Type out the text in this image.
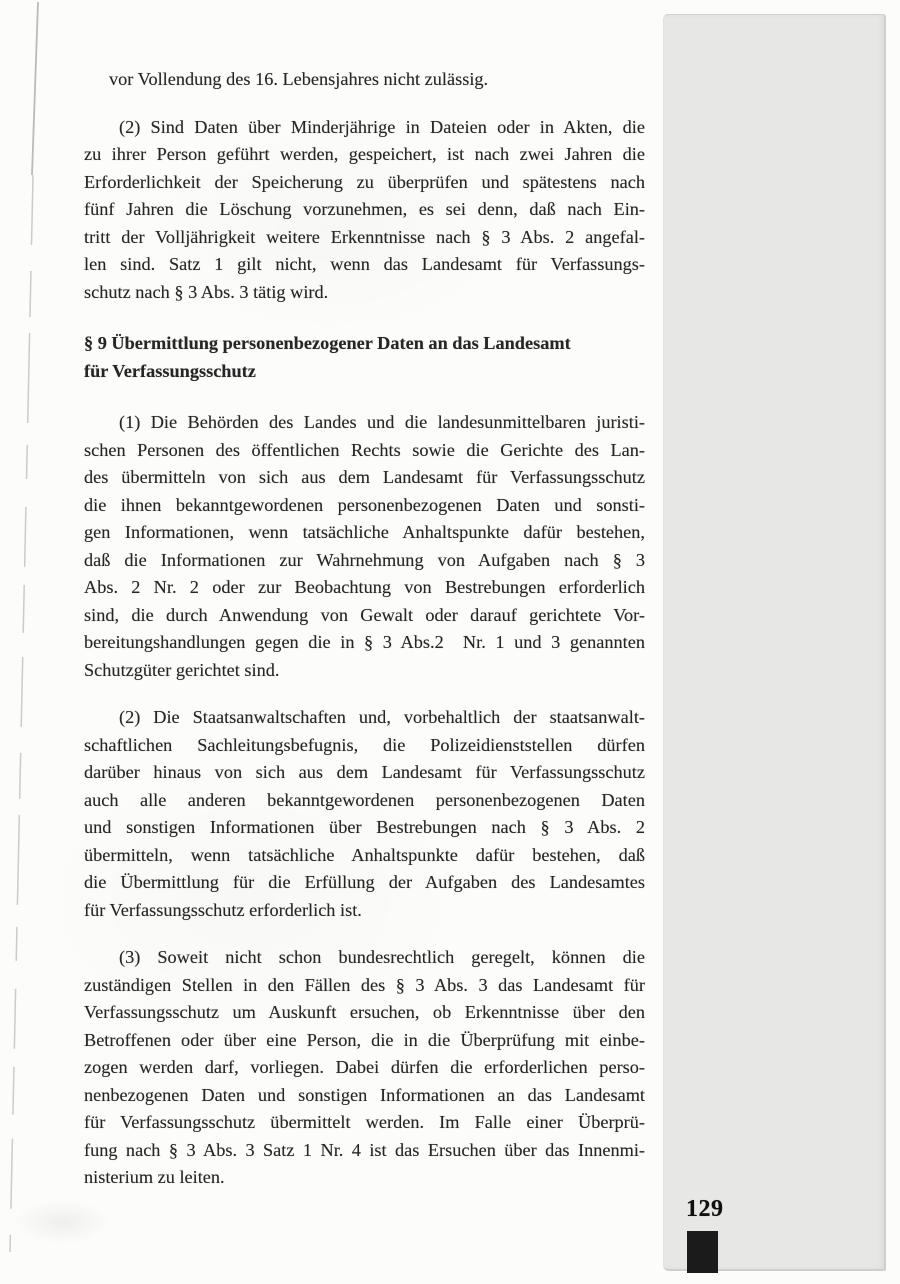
vor Vollendung des 16. Lebensjahres nicht zulässig.
(2) Sind Daten über Minderjährige in Dateien oder in Akten, die
zu ihrer Person geführt werden, gespeichert, ist nach zwei Jahren die
Erforderlichkeit der Speicherung zu überprüfen und spätestens nach
fünf Jahren die Löschung vorzunehmen, es sei denn, daß nach Ein-
tritt der Volljährigkeit weitere Erkenntnisse nach § 3 Abs. 2 angefal-
len sind. Satz 1 gilt nicht, wenn das Landesamt für Verfassungs-
schutz nach § 3 Abs. 3 tätig wird.
§ 9 Übermittlung personenbezogener Daten an das Landesamt
für Verfassungsschutz
(1) Die Behörden des Landes und die landesunmittelbaren juristi-
schen Personen des öffentlichen Rechts sowie die Gerichte des Lan-
des übermitteln von sich aus dem Landesamt für Verfassungsschutz
die ihnen bekanntgewordenen personenbezogenen Daten und sonsti-
gen Informationen, wenn tatsächliche Anhaltspunkte dafür bestehen,
daß die Informationen zur Wahrnehmung von Aufgaben nach § 3
Abs. 2 Nr. 2 oder zur Beobachtung von Bestrebungen erforderlich
sind, die durch Anwendung von Gewalt oder darauf gerichtete Vor-
bereitungshandlungen gegen die in § 3 Abs.2  Nr. 1 und 3 genannten
Schutzgüter gerichtet sind.
(2) Die Staatsanwaltschaften und, vorbehaltlich der staatsanwalt-
schaftlichen Sachleitungsbefugnis, die Polizeidienststellen dürfen
darüber hinaus von sich aus dem Landesamt für Verfassungsschutz
auch alle anderen bekanntgewordenen personenbezogenen Daten
und sonstigen Informationen über Bestrebungen nach § 3 Abs. 2
übermitteln, wenn tatsächliche Anhaltspunkte dafür bestehen, daß
die Übermittlung für die Erfüllung der Aufgaben des Landesamtes
für Verfassungsschutz erforderlich ist.
(3) Soweit nicht schon bundesrechtlich geregelt, können die
zuständigen Stellen in den Fällen des § 3 Abs. 3 das Landesamt für
Verfassungsschutz um Auskunft ersuchen, ob Erkenntnisse über den
Betroffenen oder über eine Person, die in die Überprüfung mit einbe-
zogen werden darf, vorliegen. Dabei dürfen die erforderlichen perso-
nenbezogenen Daten und sonstigen Informationen an das Landesamt
für Verfassungsschutz übermittelt werden. Im Falle einer Überprü-
fung nach § 3 Abs. 3 Satz 1 Nr. 4 ist das Ersuchen über das Innenmi-
nisterium zu leiten.
129
